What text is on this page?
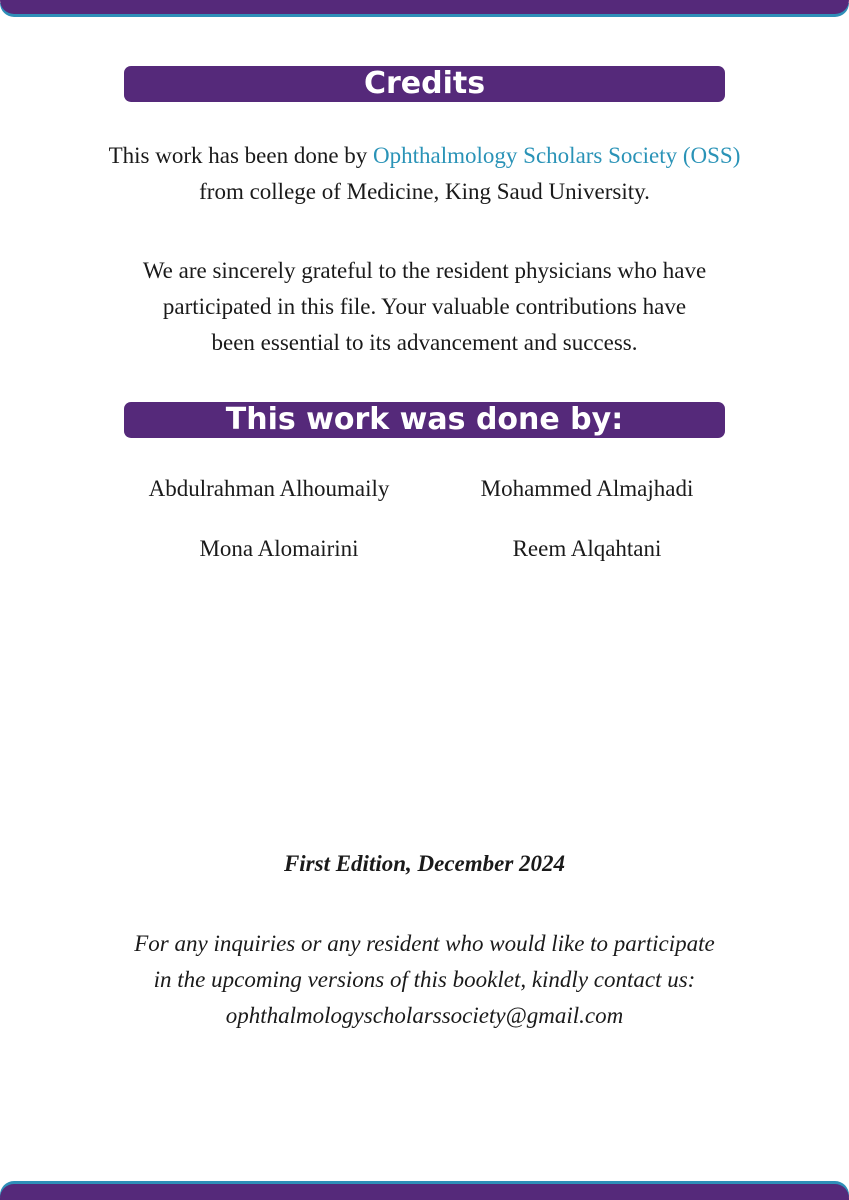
Credits
This work has been done by Ophthalmology Scholars Society (OSS)
from college of Medicine, King Saud University.
We are sincerely grateful to the resident physicians who have
participated in this file. Your valuable contributions have
been essential to its advancement and success.
This work was done by:
Abdulrahman Alhoumaily	Mohammed Almajhadi
Mona Alomairini	Reem Alqahtani
First Edition, December 2024
For any inquiries or any resident who would like to participate
in the upcoming versions of this booklet, kindly contact us:
ophthalmologyscholarssociety@gmail.com
